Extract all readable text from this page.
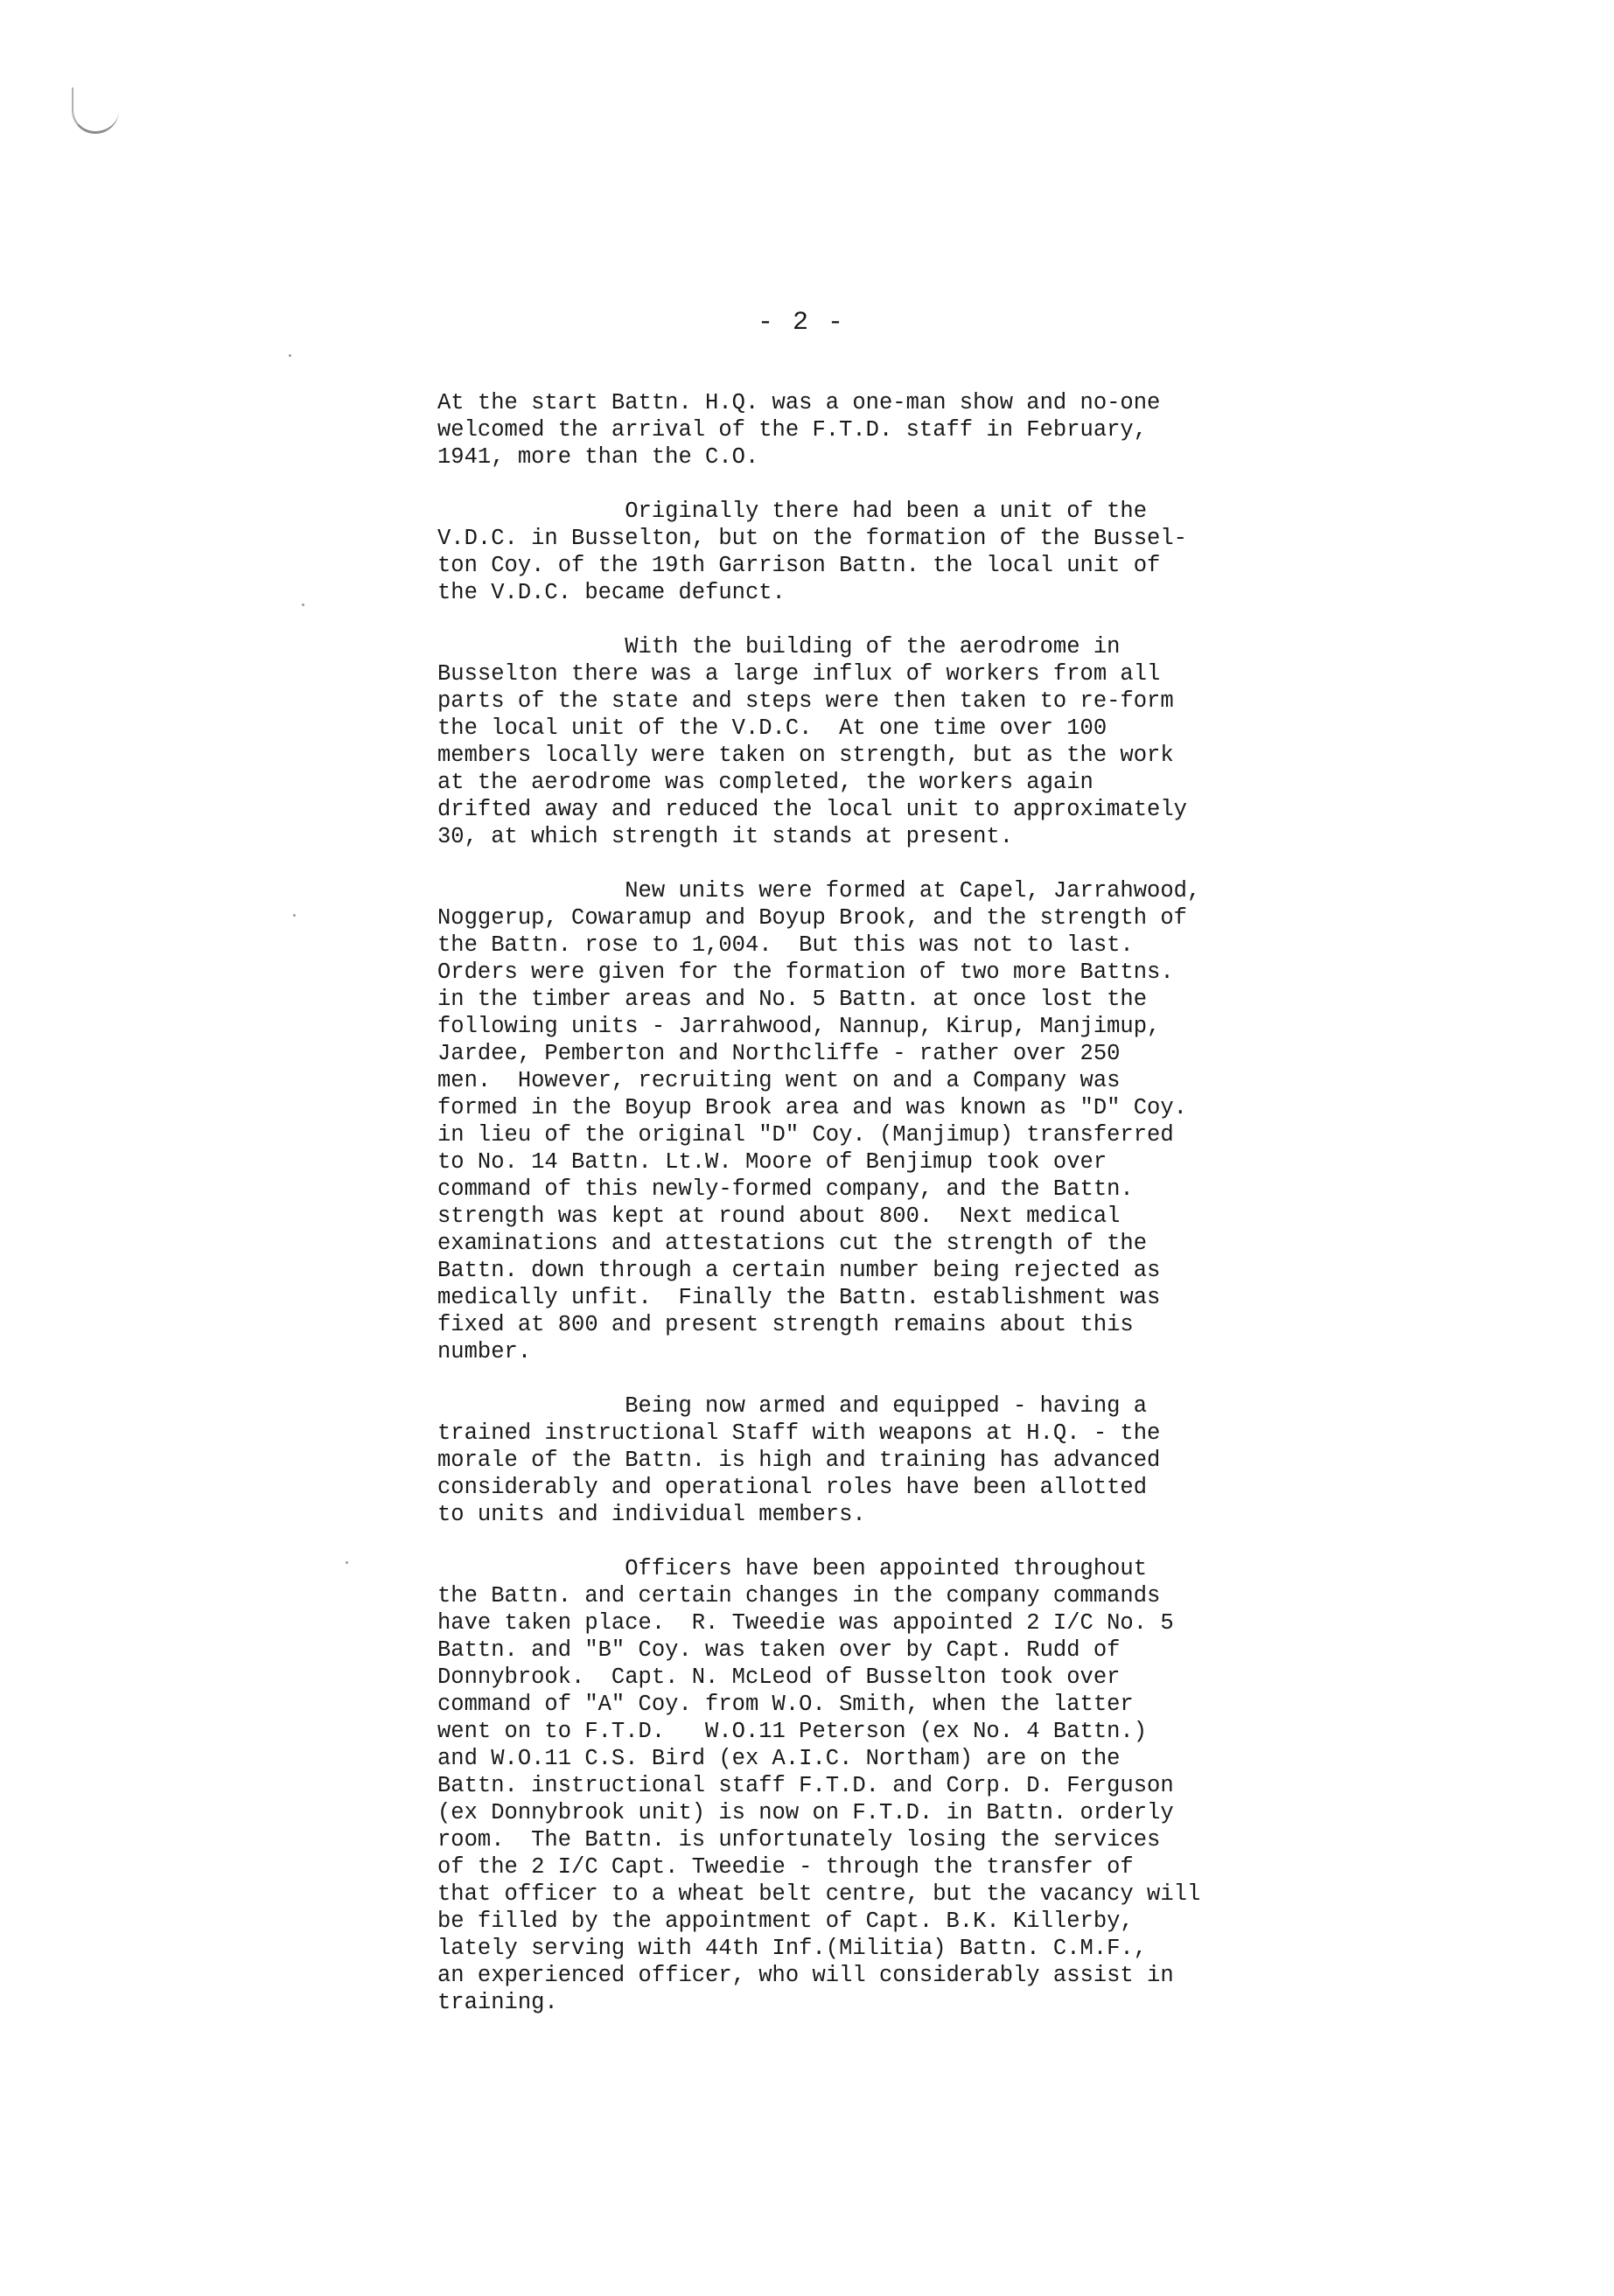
- 2 -

At the start Battn. H.Q. was a one-man show and no-one
welcomed the arrival of the F.T.D. staff in February,
1941, more than the C.O.

Originally there had been a unit of the
V.D.C. in Busselton, but on the formation of the Bussel-
ton Coy. of the 19th Garrison Battn. the local unit of
the V.D.C. became defunct.

With the building of the aerodrome in
Busselton there was a large influx of workers from all
parts of the state and steps were then taken to re-form
the local unit of the V.D.C.  At one time over 100
members locally were taken on strength, but as the work
at the aerodrome was completed, the workers again
drifted away and reduced the local unit to approximately
30, at which strength it stands at present.

New units were formed at Capel, Jarrahwood,
Noggerup, Cowaramup and Boyup Brook, and the strength of
the Battn. rose to 1,004.  But this was not to last.
Orders were given for the formation of two more Battns.
in the timber areas and No. 5 Battn. at once lost the
following units - Jarrahwood, Nannup, Kirup, Manjimup,
Jardee, Pemberton and Northcliffe - rather over 250
men.  However, recruiting went on and a Company was
formed in the Boyup Brook area and was known as "D" Coy.
in lieu of the original "D" Coy. (Manjimup) transferred
to No. 14 Battn. Lt.W. Moore of Benjimup took over
command of this newly-formed company, and the Battn.
strength was kept at round about 800.  Next medical
examinations and attestations cut the strength of the
Battn. down through a certain number being rejected as
medically unfit.  Finally the Battn. establishment was
fixed at 800 and present strength remains about this
number.

Being now armed and equipped - having a
trained instructional Staff with weapons at H.Q. - the
morale of the Battn. is high and training has advanced
considerably and operational roles have been allotted
to units and individual members.

Officers have been appointed throughout
the Battn. and certain changes in the company commands
have taken place.  R. Tweedie was appointed 2 I/C No. 5
Battn. and "B" Coy. was taken over by Capt. Rudd of
Donnybrook.  Capt. N. McLeod of Busselton took over
command of "A" Coy. from W.O. Smith, when the latter
went on to F.T.D.   W.O.11 Peterson (ex No. 4 Battn.)
and W.O.11 C.S. Bird (ex A.I.C. Northam) are on the
Battn. instructional staff F.T.D. and Corp. D. Ferguson
(ex Donnybrook unit) is now on F.T.D. in Battn. orderly
room.  The Battn. is unfortunately losing the services
of the 2 I/C Capt. Tweedie - through the transfer of
that officer to a wheat belt centre, but the vacancy will
be filled by the appointment of Capt. B.K. Killerby,
lately serving with 44th Inf.(Militia) Battn. C.M.F.,
an experienced officer, who will considerably assist in
training.
